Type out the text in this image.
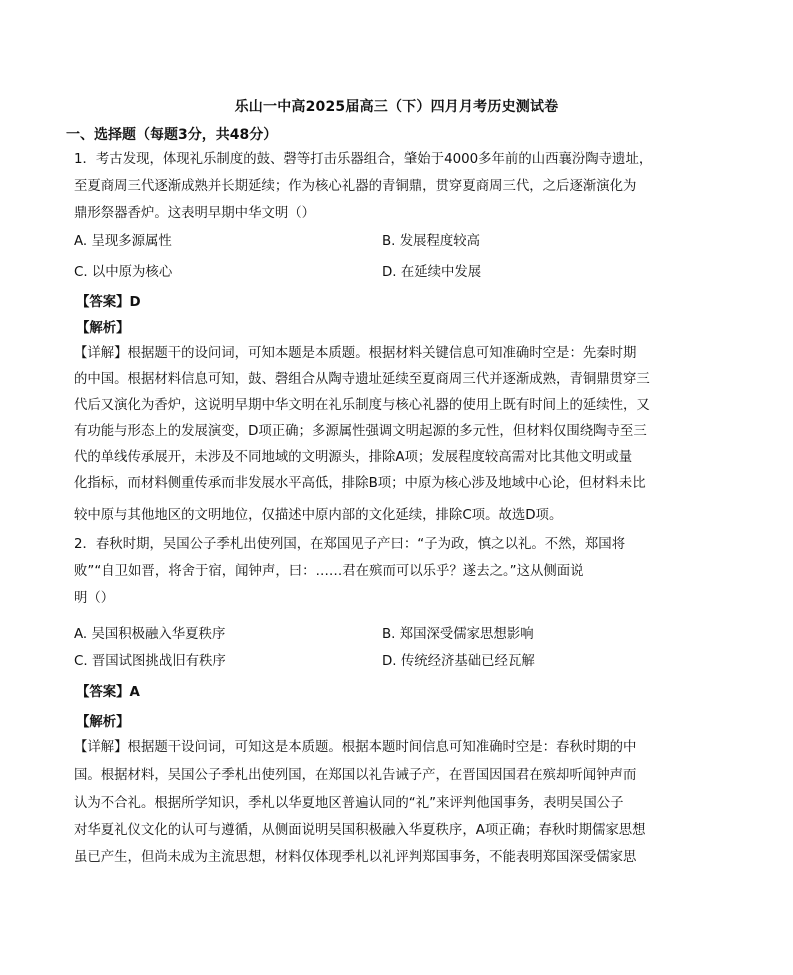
乐山一中高2025届高三（下）四月月考历史测试卷
一、选择题（每题3分，共48分）
1．考古发现，体现礼乐制度的鼓、磬等打击乐器组合，肇始于4000多年前的山西襄汾陶寺遗址，
至夏商周三代逐渐成熟并长期延续；作为核心礼器的青铜鼎，贯穿夏商周三代，之后逐渐演化为
鼎形祭器香炉。这表明早期中华文明（）
A. 呈现多源属性	B. 发展程度较高
C. 以中原为核心	D. 在延续中发展
【答案】D
【解析】
【详解】根据题干的设问词，可知本题是本质题。根据材料关键信息可知准确时空是：先秦时期
的中国。根据材料信息可知，鼓、磬组合从陶寺遗址延续至夏商周三代并逐渐成熟，青铜鼎贯穿三
代后又演化为香炉，这说明早期中华文明在礼乐制度与核心礼器的使用上既有时间上的延续性，又
有功能与形态上的发展演变，D项正确；多源属性强调文明起源的多元性，但材料仅围绕陶寺至三
代的单线传承展开，未涉及不同地域的文明源头，排除A项；发展程度较高需对比其他文明或量
化指标，而材料侧重传承而非发展水平高低，排除B项；中原为核心涉及地域中心论，但材料未比
较中原与其他地区的文明地位，仅描述中原内部的文化延续，排除C项。故选D项。
2．春秋时期，吴国公子季札出使列国，在郑国见子产曰：“子为政，慎之以礼。不然，郑国将
败”“自卫如晋，将舍于宿，闻钟声，曰：……君在殡而可以乐乎？遂去之。”这从侧面说
明（）
A. 吴国积极融入华夏秩序	B. 郑国深受儒家思想影响
C. 晋国试图挑战旧有秩序	D. 传统经济基础已经瓦解
【答案】A
【解析】
【详解】根据题干设问词，可知这是本质题。根据本题时间信息可知准确时空是：春秋时期的中
国。根据材料，吴国公子季札出使列国，在郑国以礼告诫子产，在晋国因国君在殡却听闻钟声而
认为不合礼。根据所学知识，季札以华夏地区普遍认同的“礼”来评判他国事务，表明吴国公子
对华夏礼仪文化的认可与遵循，从侧面说明吴国积极融入华夏秩序，A项正确；春秋时期儒家思想
虽已产生，但尚未成为主流思想，材料仅体现季札以礼评判郑国事务，不能表明郑国深受儒家思
